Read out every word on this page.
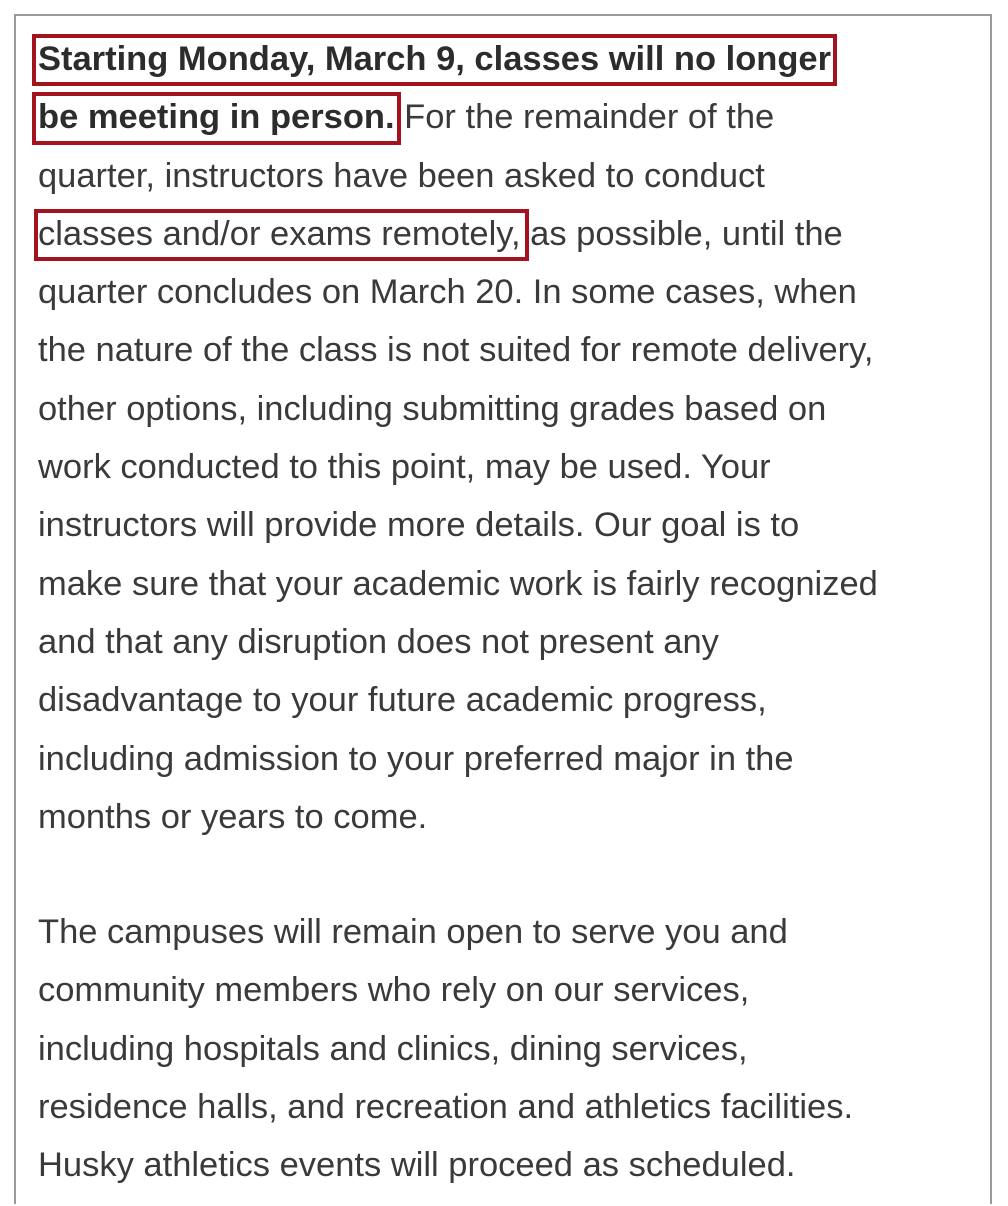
Starting Monday, March 9, classes will no longer
be meeting in person. For the remainder of the
quarter, instructors have been asked to conduct
classes and/or exams remotely, as possible, until the
quarter concludes on March 20. In some cases, when
the nature of the class is not suited for remote delivery,
other options, including submitting grades based on
work conducted to this point, may be used. Your
instructors will provide more details. Our goal is to
make sure that your academic work is fairly recognized
and that any disruption does not present any
disadvantage to your future academic progress,
including admission to your preferred major in the
months or years to come.
The campuses will remain open to serve you and
community members who rely on our services,
including hospitals and clinics, dining services,
residence halls, and recreation and athletics facilities.
Husky athletics events will proceed as scheduled.
